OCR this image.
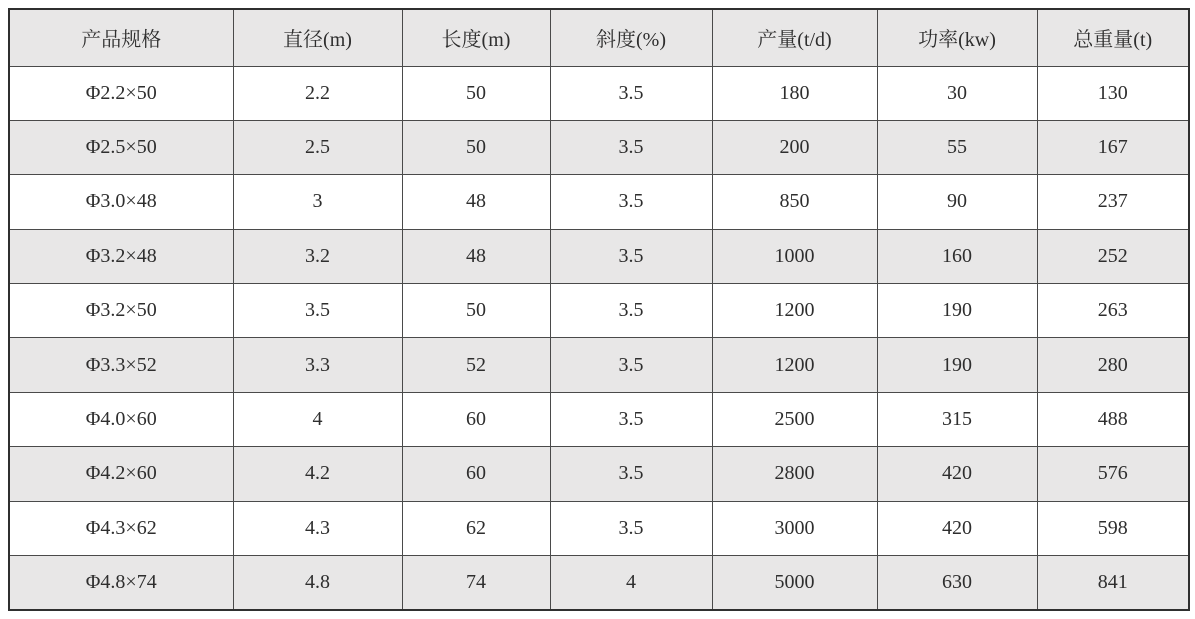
产品规格	直径(m)	长度(m)	斜度(%)	产量(t/d)	功率(kw)	总重量(t)
Φ2.2×50	2.2	50	3.5	180	30	130
Φ2.5×50	2.5	50	3.5	200	55	167
Φ3.0×48	3	48	3.5	850	90	237
Φ3.2×48	3.2	48	3.5	1000	160	252
Φ3.2×50	3.5	50	3.5	1200	190	263
Φ3.3×52	3.3	52	3.5	1200	190	280
Φ4.0×60	4	60	3.5	2500	315	488
Φ4.2×60	4.2	60	3.5	2800	420	576
Φ4.3×62	4.3	62	3.5	3000	420	598
Φ4.8×74	4.8	74	4	5000	630	841
